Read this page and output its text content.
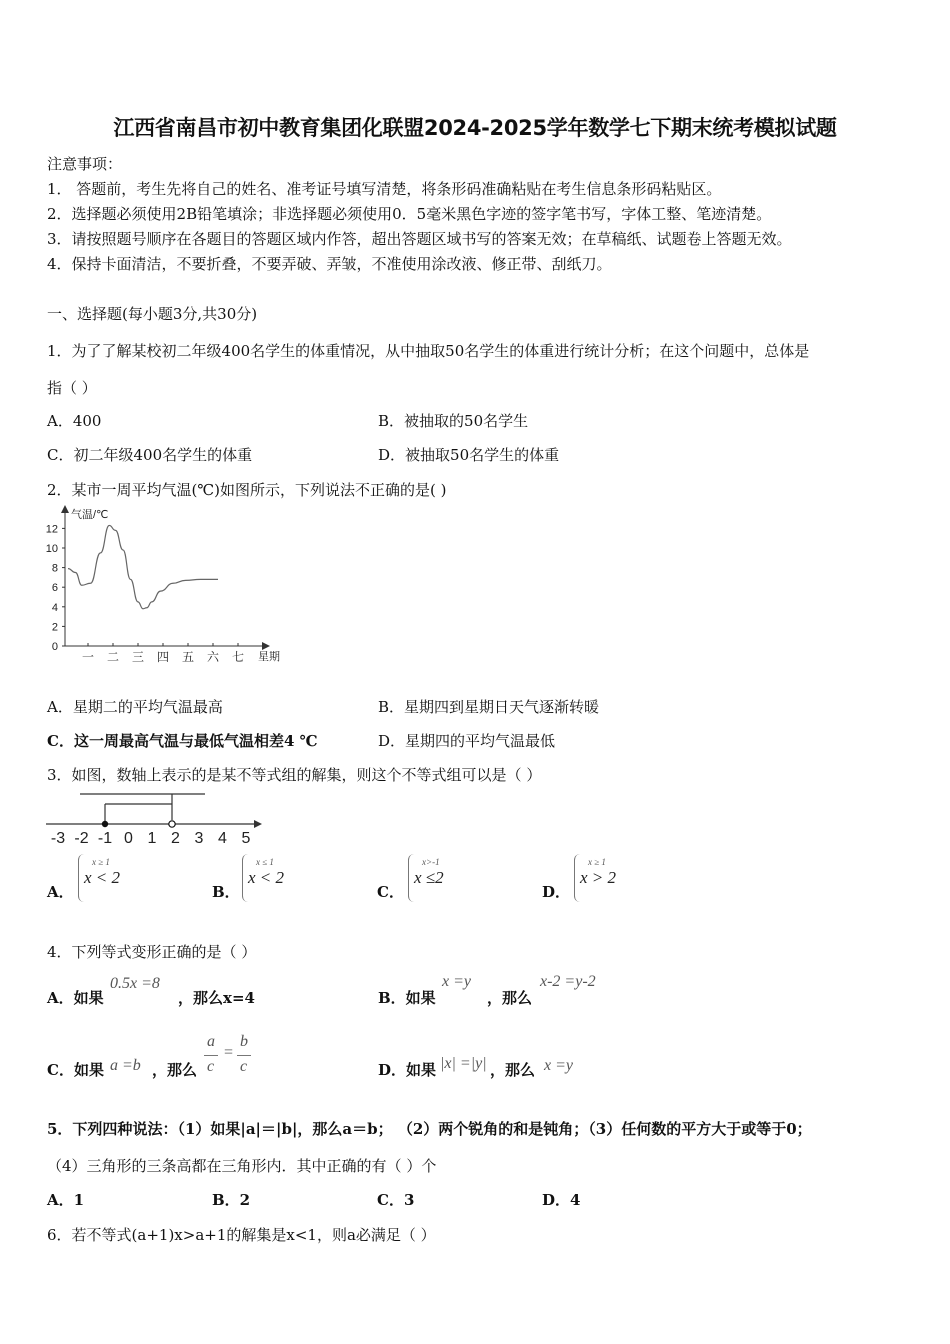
江西省南昌市初中教育集团化联盟2024-2025学年数学七下期末统考模拟试题
注意事项：
1． 答题前，考生先将自己的姓名、准考证号填写清楚，将条形码准确粘贴在考生信息条形码粘贴区。
2．选择题必须使用2B铅笔填涂；非选择题必须使用0．5毫米黑色字迹的签字笔书写，字体工整、笔迹清楚。
3．请按照题号顺序在各题目的答题区域内作答，超出答题区域书写的答案无效；在草稿纸、试题卷上答题无效。
4．保持卡面清洁，不要折叠，不要弄破、弄皱，不准使用涂改液、修正带、刮纸刀。
一、选择题(每小题3分,共30分)
1．为了了解某校初二年级400名学生的体重情况，从中抽取50名学生的体重进行统计分析；在这个问题中，总体是
指（ ）
A．400	B．被抽取的50名学生
C．初二年级400名学生的体重	D．被抽取50名学生的体重
2．某市一周平均气温(℃)如图所示，下列说法不正确的是( )
0
2
4
6
8
10
12
一 二 三 四 五 六 七
气温/℃
星期
A．星期二的平均气温最高	B．星期四到星期日天气逐渐转暖
C．这一周最高气温与最低气温相差4 ℃	D．星期四的平均气温最低
3．如图，数轴上表示的是某不等式组的解集，则这个不等式组可以是（ ）
-3 -2 -1 0 1 2 3 4 5
A．
x ≥ 1
x < 2
B．
x ≤ 1
x < 2
C．
x>-1
x ≤2
D．
x ≥ 1
x > 2
4．下列等式变形正确的是（ ）
A．如果
0.5x =8
，那么x=4	B．如果
x =y
，那么
x-2 =y-2
C．如果 a =b ，那么
a
c
=
b
c	D．如果 |x| =|y| ，那么 x =y
5．下列四种说法：（1）如果|a|＝|b|，那么a＝b； （2）两个锐角的和是钝角；（3）任何数的平方大于或等于0；
（4）三角形的三条高都在三角形内．其中正确的有（ ）个
A．1	B．2	C．3	D．4
6．若不等式(a+1)x>a+1的解集是x<1，则a必满足（ ）
